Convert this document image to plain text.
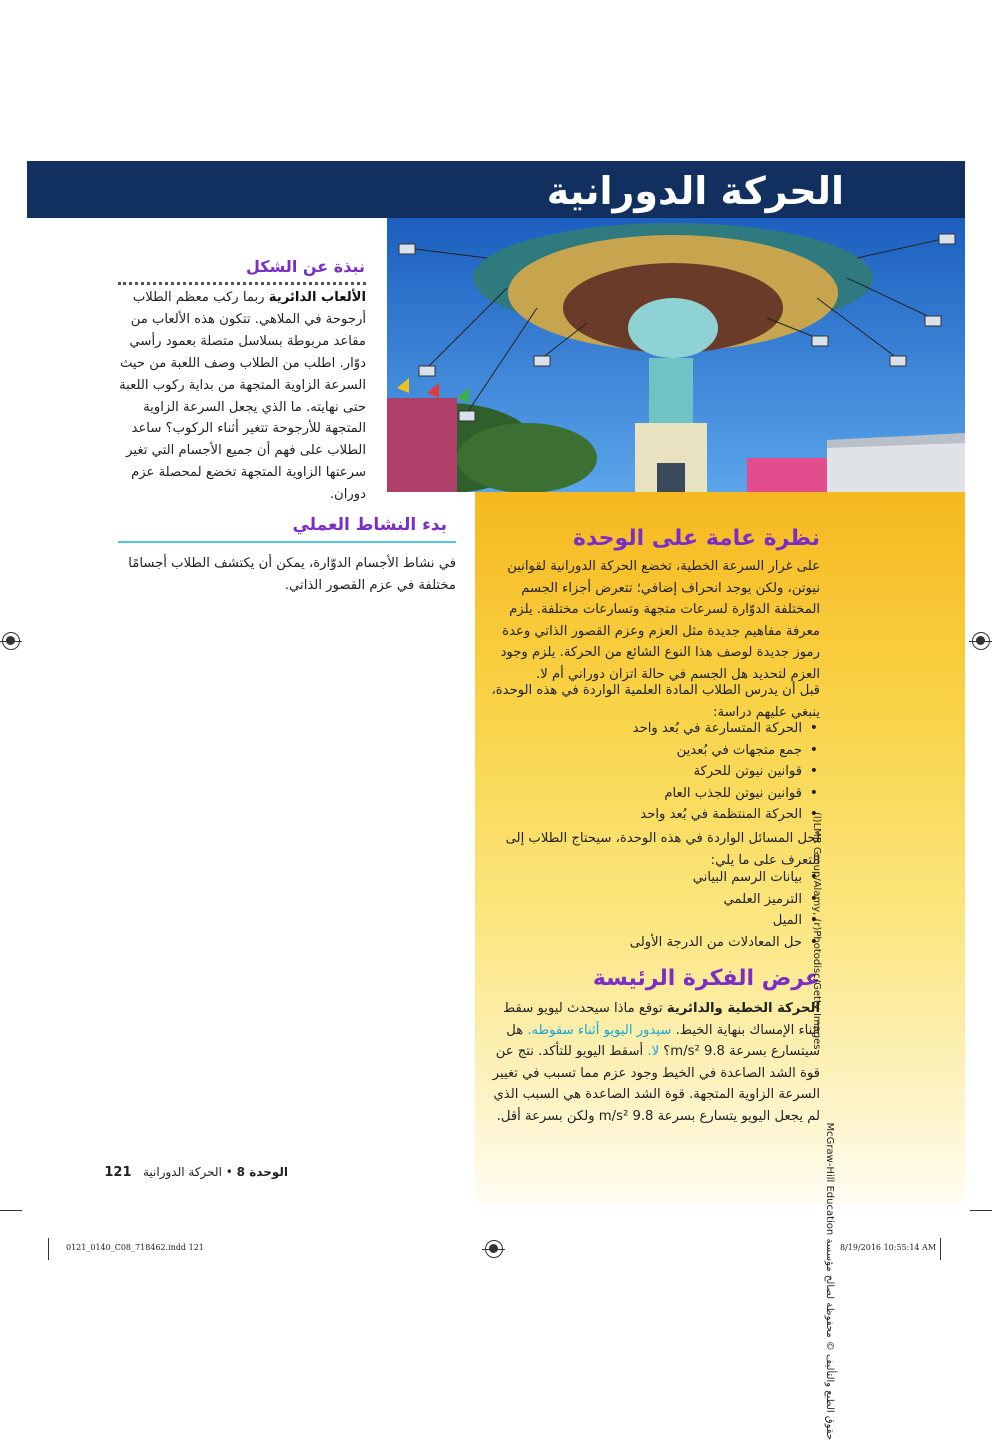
الحركة الدورانية
نبذة عن الشكل
الألعاب الدائرية ربما ركب معظم الطلاب أرجوحة في الملاهي. تتكون هذه الألعاب من مقاعد مربوطة بسلاسل متصلة بعمود رأسي دوّار. اطلب من الطلاب وصف اللعبة من حيث السرعة الزاوية المتجهة من بداية ركوب اللعبة حتى نهايته. ما الذي يجعل السرعة الزاوية المتجهة للأرجوحة تتغير أثناء الركوب؟ ساعد الطلاب على فهم أن جميع الأجسام التي تغير سرعتها الزاوية المتجهة تخضع لمحصلة عزم دوران.
بدء النشاط العملي
في نشاط الأجسام الدوّارة، يمكن أن يكتشف الطلاب أجسامًا مختلفة في عزم القصور الذاتي.
نظرة عامة على الوحدة
على غرار السرعة الخطية، تخضع الحركة الدورانية لقوانين نيوتن، ولكن يوجد انحراف إضافي؛ تتعرض أجزاء الجسم المختلفة الدوّارة لسرعات متجهة وتسارعات مختلفة. يلزم معرفة مفاهيم جديدة مثل العزم وعزم القصور الذاتي وعدة رموز جديدة لوصف هذا النوع الشائع من الحركة. يلزم وجود العزم لتحديد هل الجسم في حالة اتزان دوراني أم لا.
قبل أن يدرس الطلاب المادة العلمية الواردة في هذه الوحدة، ينبغي عليهم دراسة:
• الحركة المتسارعة في بُعد واحد
• جمع متجهات في بُعدين
• قوانين نيوتن للحركة
• قوانين نيوتن للجذب العام
• الحركة المنتظمة في بُعد واحد
لحل المسائل الواردة في هذه الوحدة، سيحتاج الطلاب إلى التعرف على ما يلي:
• بيانات الرسم البياني
• الترميز العلمي
• الميل
• حل المعادلات من الدرجة الأولى
عرض الفكرة الرئيسة
الحركة الخطية والدائرية توقع ماذا سيحدث ليويو سقط أثناء الإمساك بنهاية الخيط. سيدور اليويو أثناء سقوطه. هل سيتسارع بسرعة 9.8 m/s²؟ لا. أسقط اليويو للتأكد. نتج عن قوة الشد الصاعدة في الخيط وجود عزم مما تسبب في تغيير السرعة الزاوية المتجهة. قوة الشد الصاعدة هي السبب الذي لم يجعل اليويو يتسارع بسرعة 9.8 m/s² ولكن بسرعة أقل.
حقوق الطبع والتأليف © محفوظة لصالح مؤسسة McGraw-Hill Education
(l)LMR Group/Alamy, (r)Photodisc/Getty Images
الوحدة 8 • الحركة الدورانية   121
0121_0140_C08_718462.indd 121	8/19/2016 10:55:14 AM
